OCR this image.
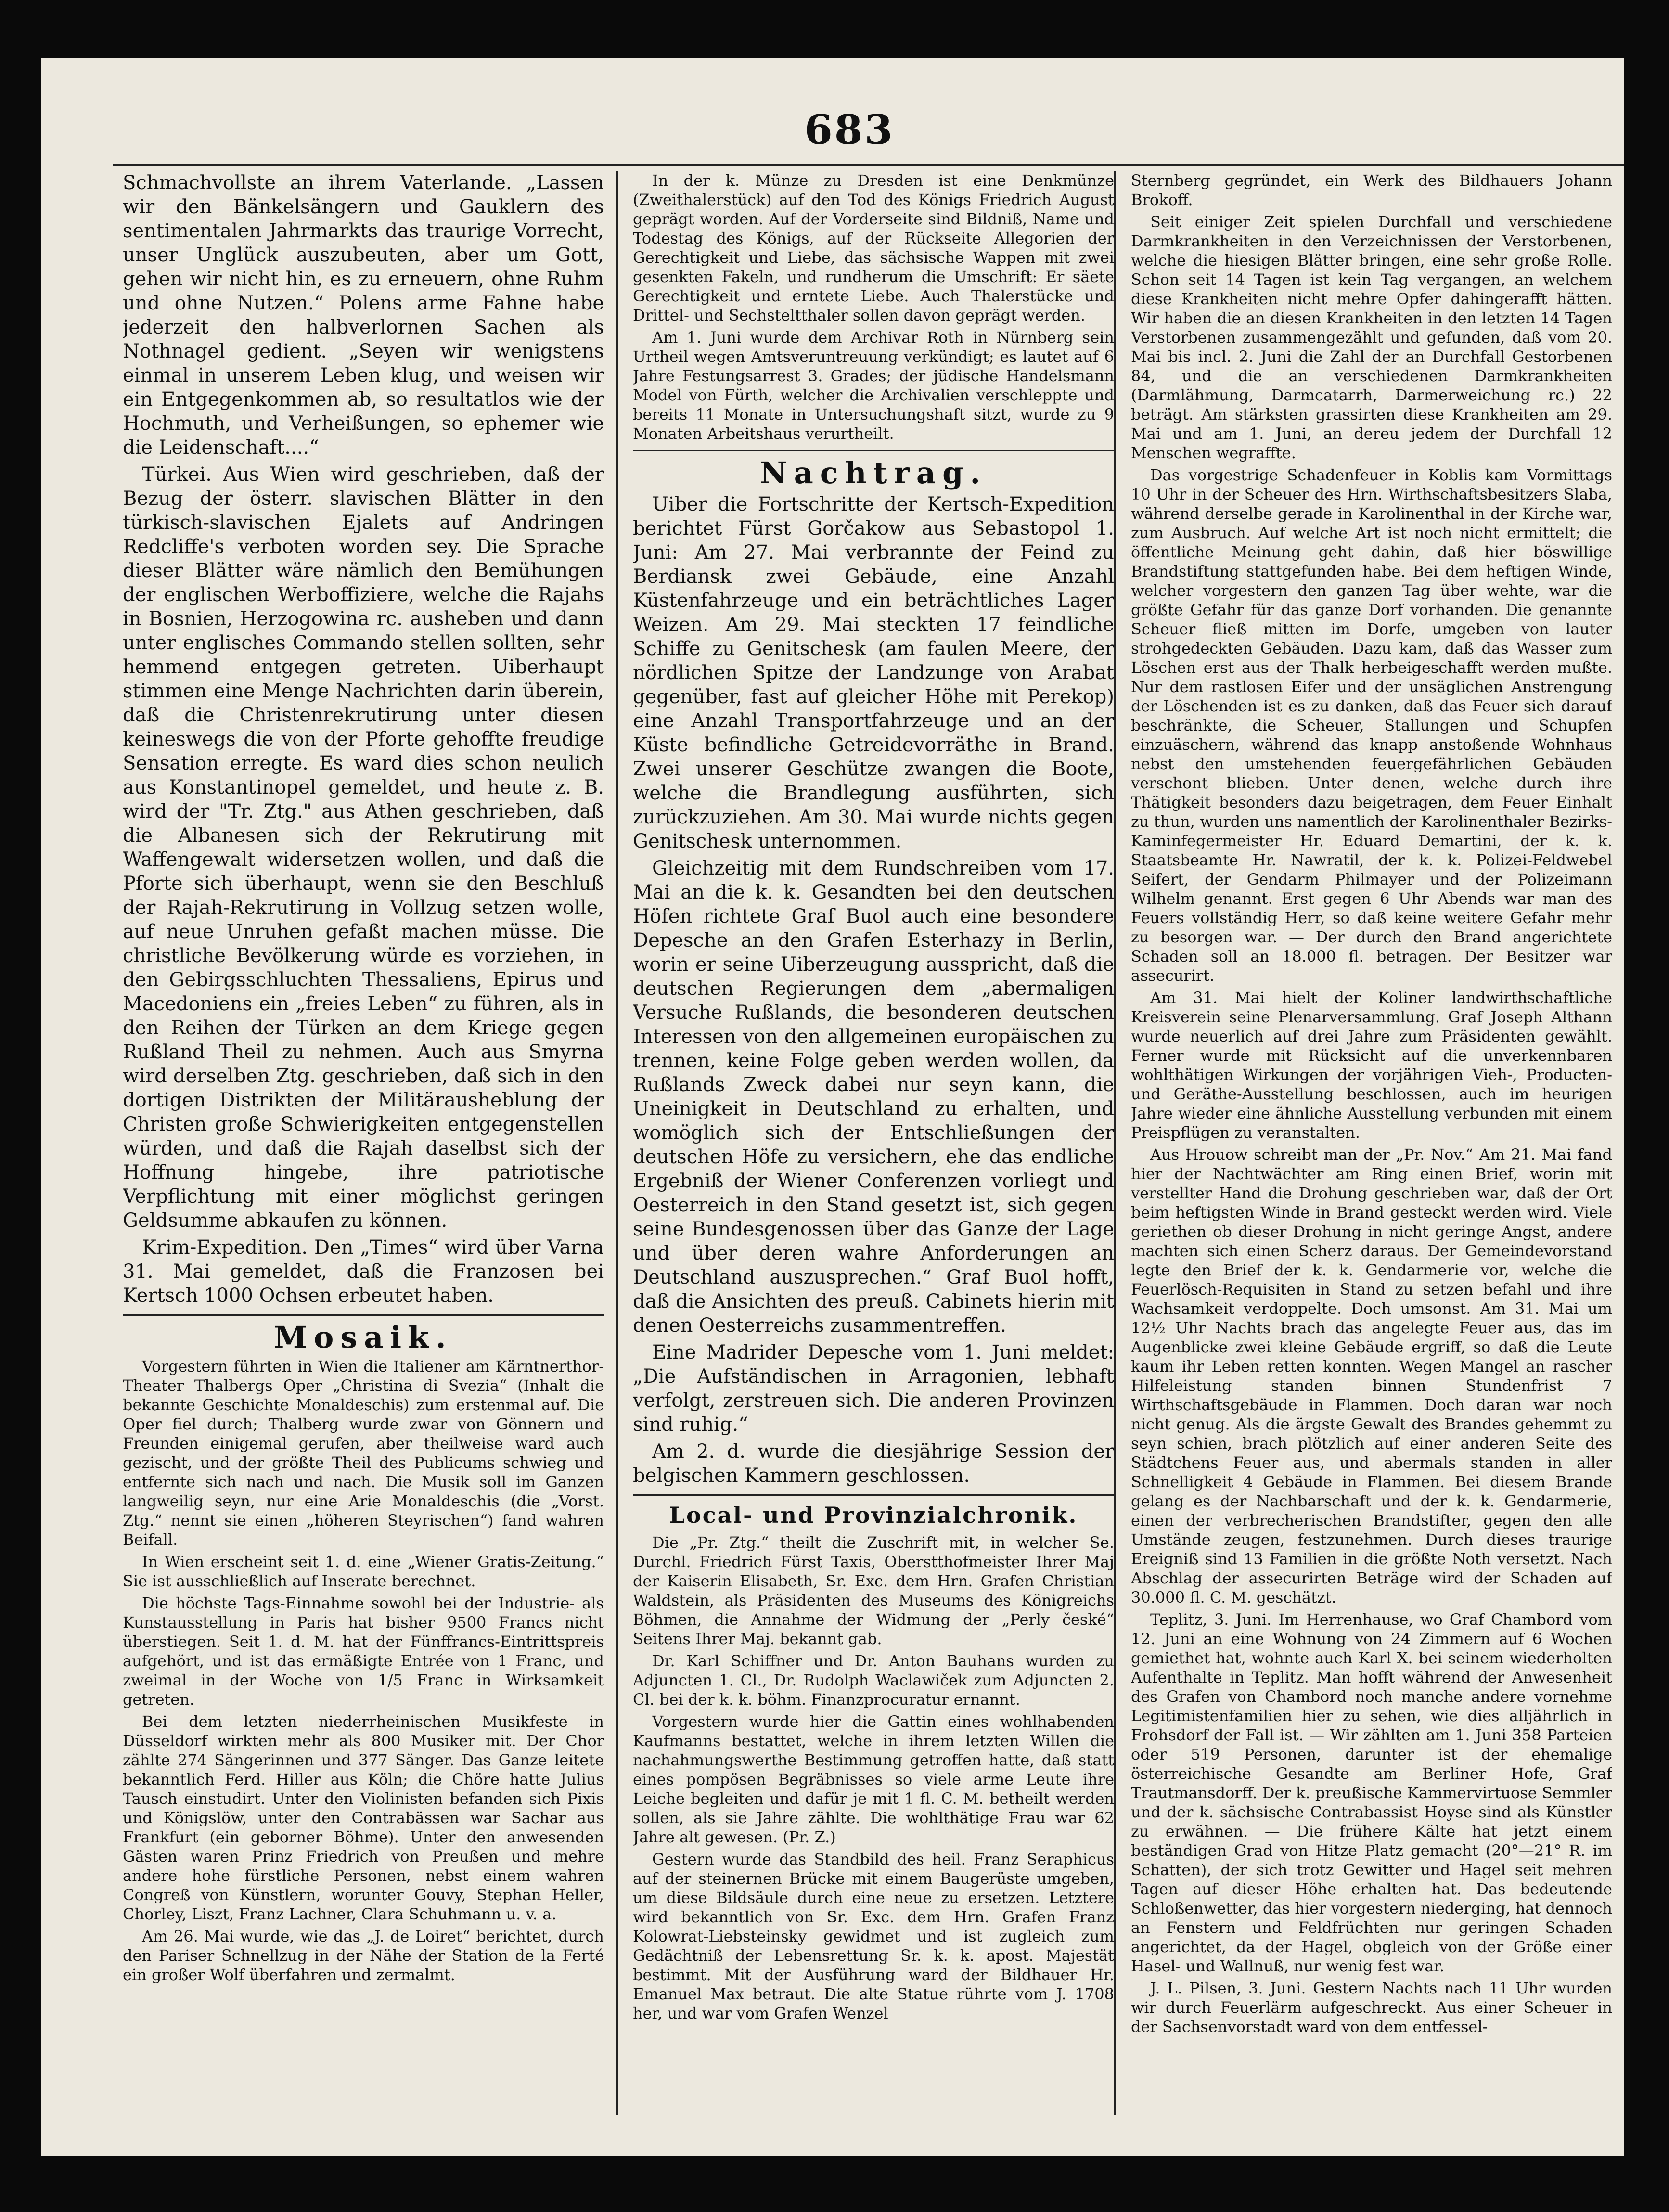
683

Schmachvollste an ihrem Vaterlande. „Lassen wir den Bänkelsängern und Gauklern des sentimentalen Jahrmarkts das traurige Vorrecht, unser Unglück auszubeuten, aber um Gott, gehen wir nicht hin, es zu erneuern, ohne Ruhm und ohne Nutzen.“ Polens arme Fahne habe jederzeit den halbverlornen Sachen als Nothnagel gedient. „Seyen wir wenigstens einmal in unserem Leben klug, und weisen wir ein Entgegenkommen ab, so resultatlos wie der Hochmuth, und Verheißungen, so ephemer wie die Leidenschaft....“

Türkei. Aus Wien wird geschrieben, daß der Bezug der österr. slavischen Blätter in den türkisch-slavischen Ejalets auf Andringen Redcliffe's verboten worden sey. Die Sprache dieser Blätter wäre nämlich den Bemühungen der englischen Werboffiziere, welche die Rajahs in Bosnien, Herzogowina rc. ausheben und dann unter englisches Commando stellen sollten, sehr hemmend entgegen getreten. Uiberhaupt stimmen eine Menge Nachrichten darin überein, daß die Christenrekrutirung unter diesen keineswegs die von der Pforte gehoffte freudige Sensation erregte. Es ward dies schon neulich aus Konstantinopel gemeldet, und heute z. B. wird der "Tr. Ztg." aus Athen geschrieben, daß die Albanesen sich der Rekrutirung mit Waffengewalt widersetzen wollen, und daß die Pforte sich überhaupt, wenn sie den Beschluß der Rajah-Rekrutirung in Vollzug setzen wolle, auf neue Unruhen gefaßt machen müsse. Die christliche Bevölkerung würde es vorziehen, in den Gebirgsschluchten Thessaliens, Epirus und Macedoniens ein „freies Leben“ zu führen, als in den Reihen der Türken an dem Kriege gegen Rußland Theil zu nehmen. Auch aus Smyrna wird derselben Ztg. geschrieben, daß sich in den dortigen Distrikten der Militärausheblung der Christen große Schwierigkeiten entgegenstellen würden, und daß die Rajah daselbst sich der Hoffnung hingebe, ihre patriotische Verpflichtung mit einer möglichst geringen Geldsumme abkaufen zu können.

Krim-Expedition. Den „Times“ wird über Varna 31. Mai gemeldet, daß die Franzosen bei Kertsch 1000 Ochsen erbeutet haben.

Mosaik.

Vorgestern führten in Wien die Italiener am Kärntnerthor-Theater Thalbergs Oper „Christina di Svezia“ (Inhalt die bekannte Geschichte Monaldeschis) zum erstenmal auf. Die Oper fiel durch; Thalberg wurde zwar von Gönnern und Freunden einigemal gerufen, aber theilweise ward auch gezischt, und der größte Theil des Publicums schwieg und entfernte sich nach und nach. Die Musik soll im Ganzen langweilig seyn, nur eine Arie Monaldeschis (die „Vorst. Ztg.“ nennt sie einen „höheren Steyrischen“) fand wahren Beifall.

In Wien erscheint seit 1. d. eine „Wiener Gratis-Zeitung.“ Sie ist ausschließlich auf Inserate berechnet.

Die höchste Tags-Einnahme sowohl bei der Industrie- als Kunstausstellung in Paris hat bisher 9500 Francs nicht überstiegen. Seit 1. d. M. hat der Fünffrancs-Eintrittspreis aufgehört, und ist das ermäßigte Entrée von 1 Franc, und zweimal in der Woche von 1/5 Franc in Wirksamkeit getreten.

Bei dem letzten niederrheinischen Musikfeste in Düsseldorf wirkten mehr als 800 Musiker mit. Der Chor zählte 274 Sängerinnen und 377 Sänger. Das Ganze leitete bekanntlich Ferd. Hiller aus Köln; die Chöre hatte Julius Tausch einstudirt. Unter den Violinisten befanden sich Pixis und Königslöw, unter den Contrabässen war Sachar aus Frankfurt (ein geborner Böhme). Unter den anwesenden Gästen waren Prinz Friedrich von Preußen und mehre andere hohe fürstliche Personen, nebst einem wahren Congreß von Künstlern, worunter Gouvy, Stephan Heller, Chorley, Liszt, Franz Lachner, Clara Schuhmann u. v. a.

Am 26. Mai wurde, wie das „J. de Loiret“ berichtet, durch den Pariser Schnellzug in der Nähe der Station de la Ferté ein großer Wolf überfahren und zermalmt.

In der k. Münze zu Dresden ist eine Denkmünze (Zweithalerstück) auf den Tod des Königs Friedrich August geprägt worden. Auf der Vorderseite sind Bildniß, Name und Todestag des Königs, auf der Rückseite Allegorien der Gerechtigkeit und Liebe, das sächsische Wappen mit zwei gesenkten Fakeln, und rundherum die Umschrift: Er säete Gerechtigkeit und erntete Liebe. Auch Thalerstücke und Drittel- und Sechsteltthaler sollen davon geprägt werden.

Am 1. Juni wurde dem Archivar Roth in Nürnberg sein Urtheil wegen Amtsveruntreuung verkündigt; es lautet auf 6 Jahre Festungsarrest 3. Grades; der jüdische Handelsmann Model von Fürth, welcher die Archivalien verschleppte und bereits 11 Monate in Untersuchungshaft sitzt, wurde zu 9 Monaten Arbeitshaus verurtheilt.

Nachtrag.

Uiber die Fortschritte der Kertsch-Expedition berichtet Fürst Gorčakow aus Sebastopol 1. Juni: Am 27. Mai verbrannte der Feind zu Berdiansk zwei Gebäude, eine Anzahl Küstenfahrzeuge und ein beträchtliches Lager Weizen. Am 29. Mai steckten 17 feindliche Schiffe zu Genitschesk (am faulen Meere, der nördlichen Spitze der Landzunge von Arabat gegenüber, fast auf gleicher Höhe mit Perekop) eine Anzahl Transportfahrzeuge und an der Küste befindliche Getreidevorräthe in Brand. Zwei unserer Geschütze zwangen die Boote, welche die Brandlegung ausführten, sich zurückzuziehen. Am 30. Mai wurde nichts gegen Genitschesk unternommen.

Gleichzeitig mit dem Rundschreiben vom 17. Mai an die k. k. Gesandten bei den deutschen Höfen richtete Graf Buol auch eine besondere Depesche an den Grafen Esterhazy in Berlin, worin er seine Uiberzeugung ausspricht, daß die deutschen Regierungen dem „abermaligen Versuche Rußlands, die besonderen deutschen Interessen von den allgemeinen europäischen zu trennen, keine Folge geben werden wollen, da Rußlands Zweck dabei nur seyn kann, die Uneinigkeit in Deutschland zu erhalten, und womöglich sich der Entschließungen der deutschen Höfe zu versichern, ehe das endliche Ergebniß der Wiener Conferenzen vorliegt und Oesterreich in den Stand gesetzt ist, sich gegen seine Bundesgenossen über das Ganze der Lage und über deren wahre Anforderungen an Deutschland auszusprechen.“ Graf Buol hofft, daß die Ansichten des preuß. Cabinets hierin mit denen Oesterreichs zusammentreffen.

Eine Madrider Depesche vom 1. Juni meldet: „Die Aufständischen in Arragonien, lebhaft verfolgt, zerstreuen sich. Die anderen Provinzen sind ruhig.“

Am 2. d. wurde die diesjährige Session der belgischen Kammern geschlossen.

Local- und Provinzialchronik.

Die „Pr. Ztg.“ theilt die Zuschrift mit, in welcher Se. Durchl. Friedrich Fürst Taxis, Oberstthofmeister Ihrer Maj der Kaiserin Elisabeth, Sr. Exc. dem Hrn. Grafen Christian Waldstein, als Präsidenten des Museums des Königreichs Böhmen, die Annahme der Widmung der „Perly české“ Seitens Ihrer Maj. bekannt gab.

Dr. Karl Schiffner und Dr. Anton Bauhans wurden zu Adjuncten 1. Cl., Dr. Rudolph Waclawiček zum Adjuncten 2. Cl. bei der k. k. böhm. Finanzprocuratur ernannt.

Vorgestern wurde hier die Gattin eines wohlhabenden Kaufmanns bestattet, welche in ihrem letzten Willen die nachahmungswerthe Bestimmung getroffen hatte, daß statt eines pompösen Begräbnisses so viele arme Leute ihre Leiche begleiten und dafür je mit 1 fl. C. M. betheilt werden sollen, als sie Jahre zählte. Die wohlthätige Frau war 62 Jahre alt gewesen. (Pr. Z.)

Gestern wurde das Standbild des heil. Franz Seraphicus auf der steinernen Brücke mit einem Baugerüste umgeben, um diese Bildsäule durch eine neue zu ersetzen. Letztere wird bekanntlich von Sr. Exc. dem Hrn. Grafen Franz Kolowrat-Liebsteinsky gewidmet und ist zugleich zum Gedächtniß der Lebensrettung Sr. k. k. apost. Majestät bestimmt. Mit der Ausführung ward der Bildhauer Hr. Emanuel Max betraut. Die alte Statue rührte vom J. 1708 her, und war vom Grafen Wenzel

Sternberg gegründet, ein Werk des Bildhauers Johann Brokoff.

Seit einiger Zeit spielen Durchfall und verschiedene Darmkrankheiten in den Verzeichnissen der Verstorbenen, welche die hiesigen Blätter bringen, eine sehr große Rolle. Schon seit 14 Tagen ist kein Tag vergangen, an welchem diese Krankheiten nicht mehre Opfer dahingerafft hätten. Wir haben die an diesen Krankheiten in den letzten 14 Tagen Verstorbenen zusammengezählt und gefunden, daß vom 20. Mai bis incl. 2. Juni die Zahl der an Durchfall Gestorbenen 84, und die an verschiedenen Darmkrankheiten (Darmlähmung, Darmcatarrh, Darmerweichung rc.) 22 beträgt. Am stärksten grassirten diese Krankheiten am 29. Mai und am 1. Juni, an dereu jedem der Durchfall 12 Menschen wegraffte.

Das vorgestrige Schadenfeuer in Koblis kam Vormittags 10 Uhr in der Scheuer des Hrn. Wirthschaftsbesitzers Slaba, während derselbe gerade in Karolinenthal in der Kirche war, zum Ausbruch. Auf welche Art ist noch nicht ermittelt; die öffentliche Meinung geht dahin, daß hier böswillige Brandstiftung stattgefunden habe. Bei dem heftigen Winde, welcher vorgestern den ganzen Tag über wehte, war die größte Gefahr für das ganze Dorf vorhanden. Die genannte Scheuer fließ mitten im Dorfe, umgeben von lauter strohgedeckten Gebäuden. Dazu kam, daß das Wasser zum Löschen erst aus der Thalk herbeigeschafft werden mußte. Nur dem rastlosen Eifer und der unsäglichen Anstrengung der Löschenden ist es zu danken, daß das Feuer sich darauf beschränkte, die Scheuer, Stallungen und Schupfen einzuäschern, während das knapp anstoßende Wohnhaus nebst den umstehenden feuergefährlichen Gebäuden verschont blieben. Unter denen, welche durch ihre Thätigkeit besonders dazu beigetragen, dem Feuer Einhalt zu thun, wurden uns namentlich der Karolinenthaler Bezirks-Kaminfegermeister Hr. Eduard Demartini, der k. k. Staatsbeamte Hr. Nawratil, der k. k. Polizei-Feldwebel Seifert, der Gendarm Philmayer und der Polizeimann Wilhelm genannt. Erst gegen 6 Uhr Abends war man des Feuers vollständig Herr, so daß keine weitere Gefahr mehr zu besorgen war. — Der durch den Brand angerichtete Schaden soll an 18.000 fl. betragen. Der Besitzer war assecurirt.

Am 31. Mai hielt der Koliner landwirthschaftliche Kreisverein seine Plenarversammlung. Graf Joseph Althann wurde neuerlich auf drei Jahre zum Präsidenten gewählt. Ferner wurde mit Rücksicht auf die unverkennbaren wohlthätigen Wirkungen der vorjährigen Vieh-, Producten- und Geräthe-Ausstellung beschlossen, auch im heurigen Jahre wieder eine ähnliche Ausstellung verbunden mit einem Preispflügen zu veranstalten.

Aus Hrouow schreibt man der „Pr. Nov.“ Am 21. Mai fand hier der Nachtwächter am Ring einen Brief, worin mit verstellter Hand die Drohung geschrieben war, daß der Ort beim heftigsten Winde in Brand gesteckt werden wird. Viele geriethen ob dieser Drohung in nicht geringe Angst, andere machten sich einen Scherz daraus. Der Gemeindevorstand legte den Brief der k. k. Gendarmerie vor, welche die Feuerlösch-Requisiten in Stand zu setzen befahl und ihre Wachsamkeit verdoppelte. Doch umsonst. Am 31. Mai um 12½ Uhr Nachts brach das angelegte Feuer aus, das im Augenblicke zwei kleine Gebäude ergriff, so daß die Leute kaum ihr Leben retten konnten. Wegen Mangel an rascher Hilfeleistung standen binnen Stundenfrist 7 Wirthschaftsgebäude in Flammen. Doch daran war noch nicht genug. Als die ärgste Gewalt des Brandes gehemmt zu seyn schien, brach plötzlich auf einer anderen Seite des Städtchens Feuer aus, und abermals standen in aller Schnelligkeit 4 Gebäude in Flammen. Bei diesem Brande gelang es der Nachbarschaft und der k. k. Gendarmerie, einen der verbrecherischen Brandstifter, gegen den alle Umstände zeugen, festzunehmen. Durch dieses traurige Ereigniß sind 13 Familien in die größte Noth versetzt. Nach Abschlag der assecurirten Beträge wird der Schaden auf 30.000 fl. C. M. geschätzt.

Teplitz, 3. Juni. Im Herrenhause, wo Graf Chambord vom 12. Juni an eine Wohnung von 24 Zimmern auf 6 Wochen gemiethet hat, wohnte auch Karl X. bei seinem wiederholten Aufenthalte in Teplitz. Man hofft während der Anwesenheit des Grafen von Chambord noch manche andere vornehme Legitimistenfamilien hier zu sehen, wie dies alljährlich in Frohsdorf der Fall ist. — Wir zählten am 1. Juni 358 Parteien oder 519 Personen, darunter ist der ehemalige österreichische Gesandte am Berliner Hofe, Graf Trautmansdorff. Der k. preußische Kammervirtuose Semmler und der k. sächsische Contrabassist Hoyse sind als Künstler zu erwähnen. — Die frühere Kälte hat jetzt einem beständigen Grad von Hitze Platz gemacht (20°—21° R. im Schatten), der sich trotz Gewitter und Hagel seit mehren Tagen auf dieser Höhe erhalten hat. Das bedeutende Schloßenwetter, das hier vorgestern niederging, hat dennoch an Fenstern und Feldfrüchten nur geringen Schaden angerichtet, da der Hagel, obgleich von der Größe einer Hasel- und Wallnuß, nur wenig fest war.

J. L. Pilsen, 3. Juni. Gestern Nachts nach 11 Uhr wurden wir durch Feuerlärm aufgeschreckt. Aus einer Scheuer in der Sachsenvorstadt ward von dem entfessel-
